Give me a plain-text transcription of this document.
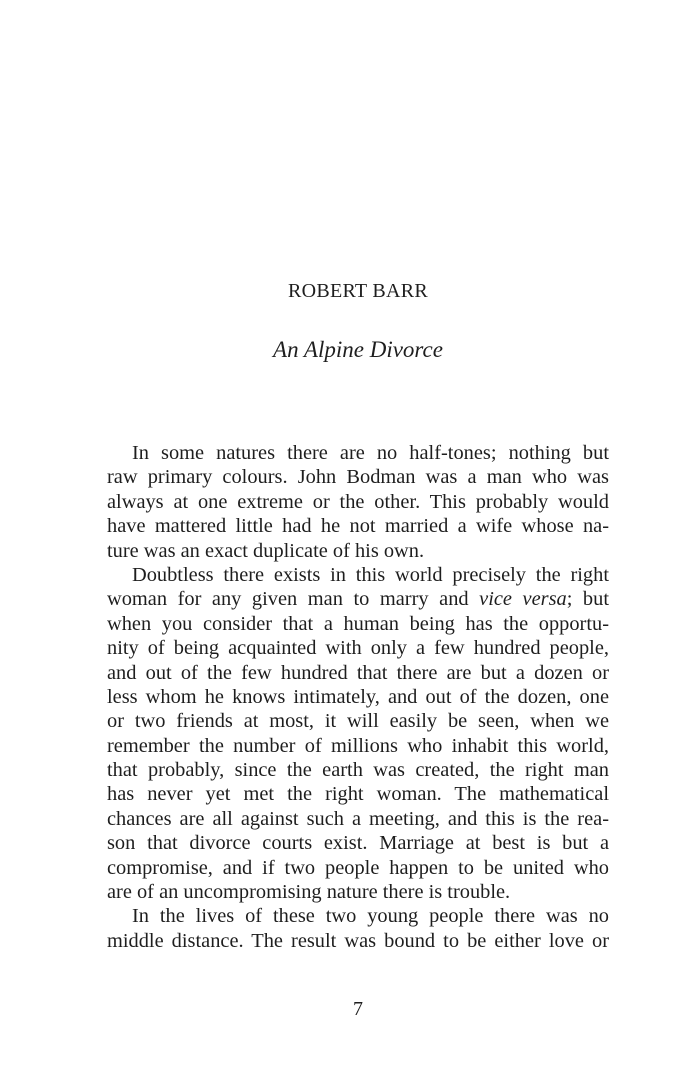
ROBERT BARR
An Alpine Divorce
In some natures there are no half-tones; nothing but
raw primary colours. John Bodman was a man who was
always at one extreme or the other. This probably would
have mattered little had he not married a wife whose na-
ture was an exact duplicate of his own.
Doubtless there exists in this world precisely the right
woman for any given man to marry and vice versa; but
when you consider that a human being has the opportu-
nity of being acquainted with only a few hundred people,
and out of the few hundred that there are but a dozen or
less whom he knows intimately, and out of the dozen, one
or two friends at most, it will easily be seen, when we
remember the number of millions who inhabit this world,
that probably, since the earth was created, the right man
has never yet met the right woman. The mathematical
chances are all against such a meeting, and this is the rea-
son that divorce courts exist. Marriage at best is but a
compromise, and if two people happen to be united who
are of an uncompromising nature there is trouble.
In the lives of these two young people there was no
middle distance. The result was bound to be either love or
7
